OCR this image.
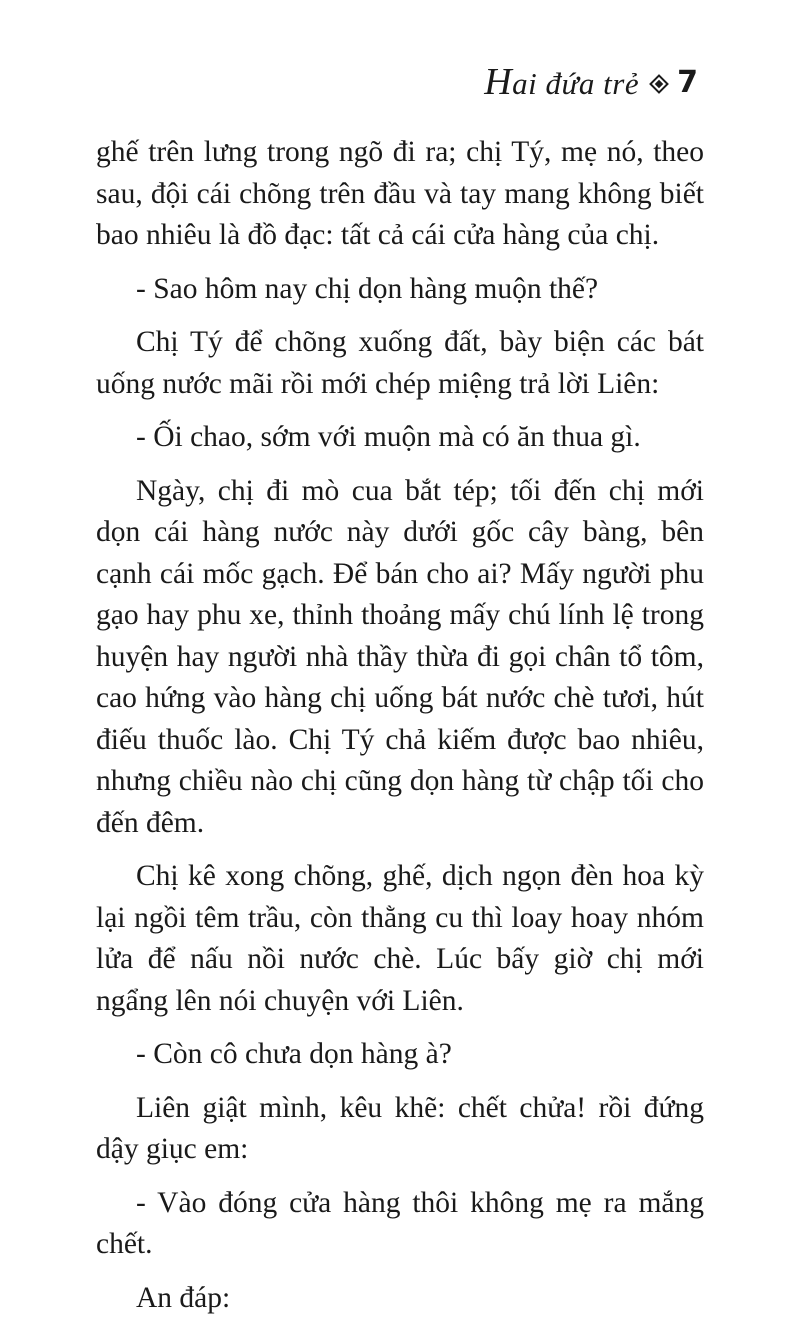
Hai đứa trẻ 7

ghế trên lưng trong ngõ đi ra; chị Tý, mẹ nó, theo sau, đội cái chõng trên đầu và tay mang không biết bao nhiêu là đồ đạc: tất cả cái cửa hàng của chị.

- Sao hôm nay chị dọn hàng muộn thế?

Chị Tý để chõng xuống đất, bày biện các bát uống nước mãi rồi mới chép miệng trả lời Liên:

- Ối chao, sớm với muộn mà có ăn thua gì.

Ngày, chị đi mò cua bắt tép; tối đến chị mới dọn cái hàng nước này dưới gốc cây bàng, bên cạnh cái mốc gạch. Để bán cho ai? Mấy người phu gạo hay phu xe, thỉnh thoảng mấy chú lính lệ trong huyện hay người nhà thầy thừa đi gọi chân tổ tôm, cao hứng vào hàng chị uống bát nước chè tươi, hút điếu thuốc lào. Chị Tý chả kiếm được bao nhiêu, nhưng chiều nào chị cũng dọn hàng từ chập tối cho đến đêm.

Chị kê xong chõng, ghế, dịch ngọn đèn hoa kỳ lại ngồi têm trầu, còn thằng cu thì loay hoay nhóm lửa để nấu nồi nước chè. Lúc bấy giờ chị mới ngẩng lên nói chuyện với Liên.

- Còn cô chưa dọn hàng à?

Liên giật mình, kêu khẽ: chết chửa! rồi đứng dậy giục em:

- Vào đóng cửa hàng thôi không mẹ ra mắng chết.

An đáp:
